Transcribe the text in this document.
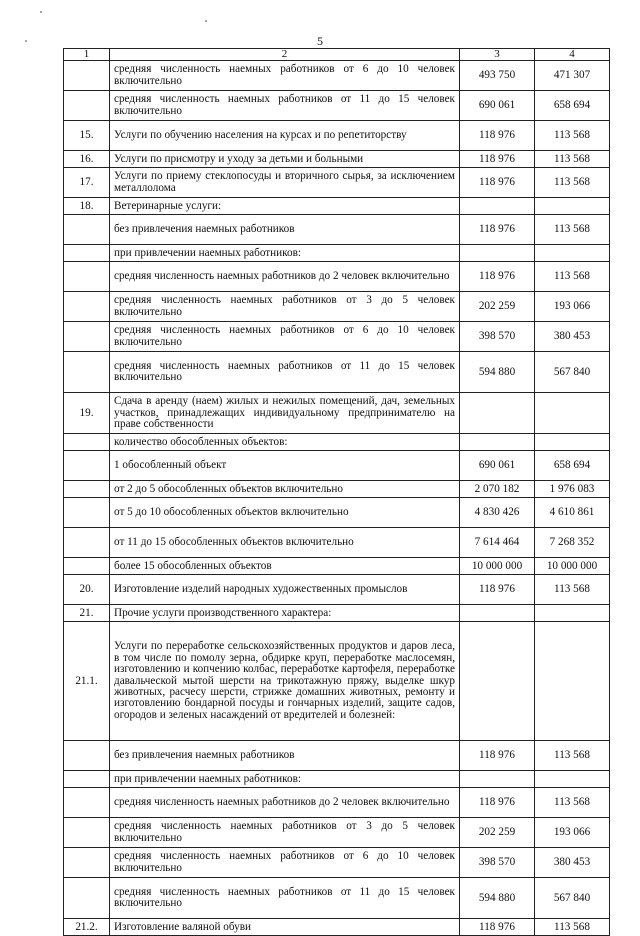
5
1	2	3	4
	средняя численность наемных работников от 6 до 10 человек включительно	493 750	471 307
	средняя численность наемных работников от 11 до 15 человек включительно	690 061	658 694
15.	Услуги по обучению населения на курсах и по репетиторству	118 976	113 568
16.	Услуги по присмотру и уходу за детьми и больными	118 976	113 568
17.	Услуги по приему стеклопосуды и вторичного сырья, за исключением металлолома	118 976	113 568
18.	Ветеринарные услуги:		
	без привлечения наемных работников	118 976	113 568
	при привлечении наемных работников:		
	средняя численность наемных работников до 2 человек включительно	118 976	113 568
	средняя численность наемных работников от 3 до 5 человек включительно	202 259	193 066
	средняя численность наемных работников от 6 до 10 человек включительно	398 570	380 453
	средняя численность наемных работников от 11 до 15 человек включительно	594 880	567 840
19.	Сдача в аренду (наем) жилых и нежилых помещений, дач, земельных участков, принадлежащих индивидуальному предпринимателю на праве собственности		
	количество обособленных объектов:		
	1 обособленный объект	690 061	658 694
	от 2 до 5 обособленных объектов включительно	2 070 182	1 976 083
	от 5 до 10 обособленных объектов включительно	4 830 426	4 610 861
	от 11 до 15 обособленных объектов включительно	7 614 464	7 268 352
	более 15 обособленных объектов	10 000 000	10 000 000
20.	Изготовление изделий народных художественных промыслов	118 976	113 568
21.	Прочие услуги производственного характера:		
21.1.	Услуги по переработке сельскохозяйственных продуктов и даров леса, в том числе по помолу зерна, обдирке круп, переработке маслосемян, изготовлению и копчению колбас, переработке картофеля, переработке давальческой мытой шерсти на трикотажную пряжу, выделке шкур животных, расчесу шерсти, стрижке домашних животных, ремонту и изготовлению бондарной посуды и гончарных изделий, защите садов, огородов и зеленых насаждений от вредителей и болезней:		
	без привлечения наемных работников	118 976	113 568
	при привлечении наемных работников:		
	средняя численность наемных работников до 2 человек включительно	118 976	113 568
	средняя численность наемных работников от 3 до 5 человек включительно	202 259	193 066
	средняя численность наемных работников от 6 до 10 человек включительно	398 570	380 453
	средняя численность наемных работников от 11 до 15 человек включительно	594 880	567 840
21.2.	Изготовление валяной обуви	118 976	113 568
